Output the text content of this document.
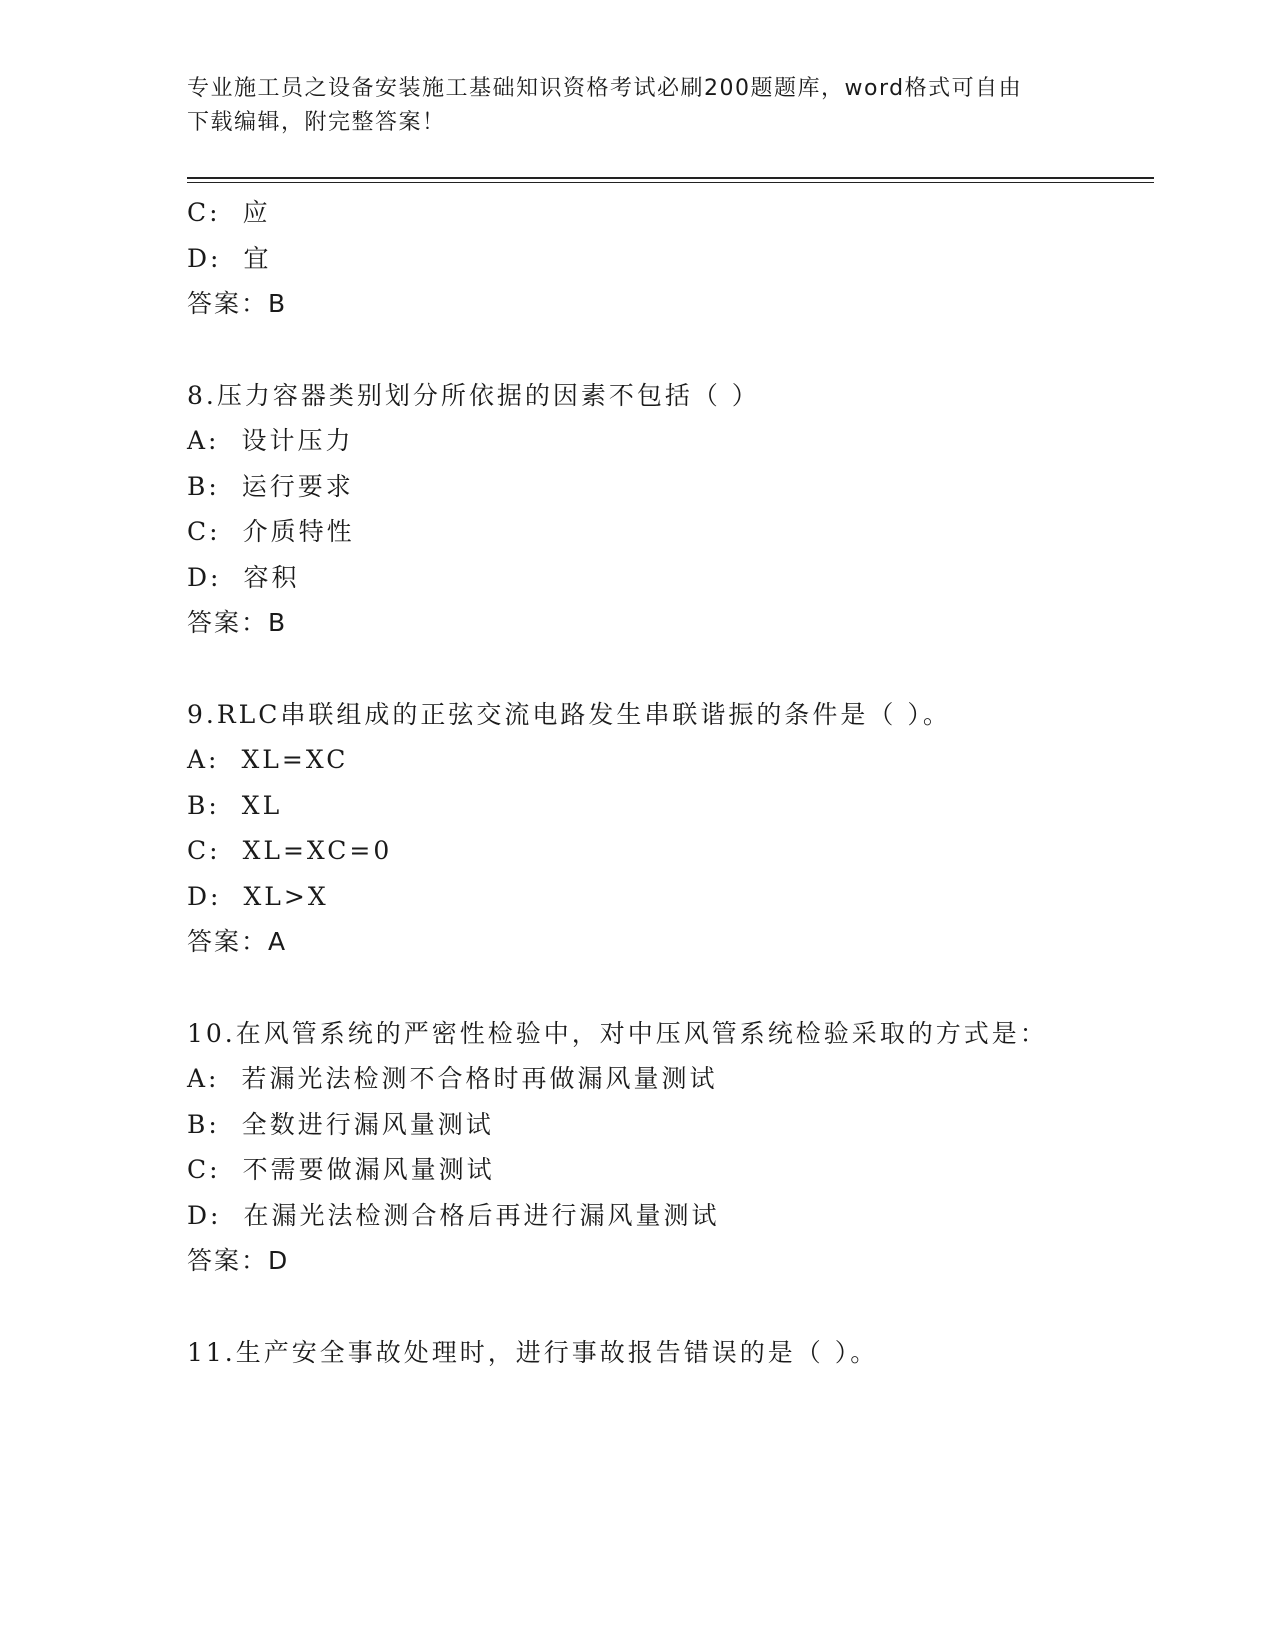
专业施工员之设备安装施工基础知识资格考试必刷200题题库，word格式可自由
下载编辑，附完整答案！
C: 应
D: 宜
答案：B
8.压力容器类别划分所依据的因素不包括（ ）
A: 设计压力
B: 运行要求
C: 介质特性
D: 容积
答案：B
9.RLC串联组成的正弦交流电路发生串联谐振的条件是（ ）。
A: XL=XC
B: XL
C: XL=XC=0
D: XL>X
答案：A
10.在风管系统的严密性检验中，对中压风管系统检验采取的方式是：
A: 若漏光法检测不合格时再做漏风量测试
B: 全数进行漏风量测试
C: 不需要做漏风量测试
D: 在漏光法检测合格后再进行漏风量测试
答案：D
11.生产安全事故处理时，进行事故报告错误的是（ ）。
